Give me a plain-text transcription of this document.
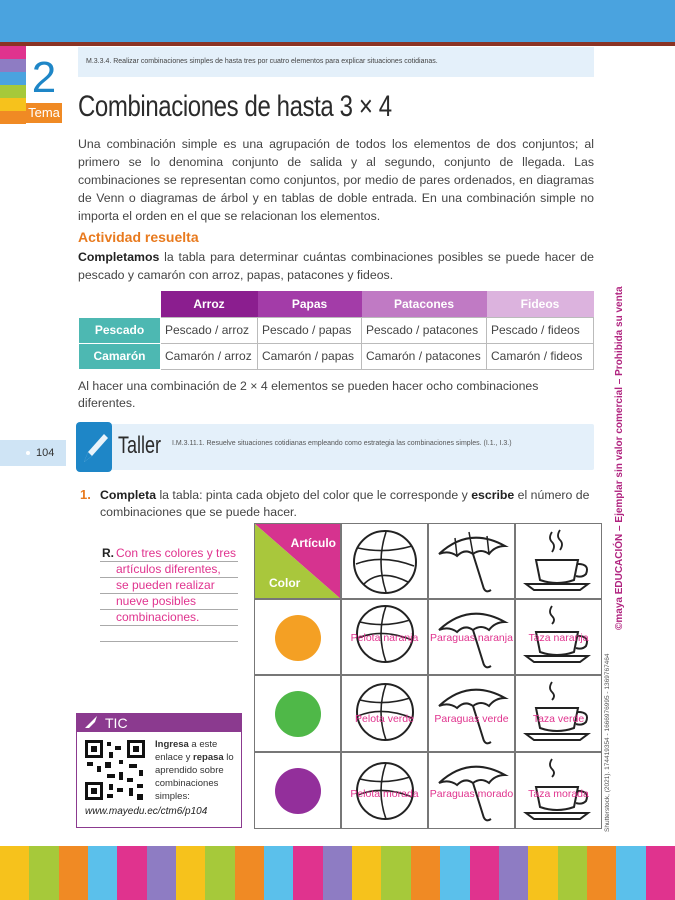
2
Tema
M.3.3.4. Realizar combinaciones simples de hasta tres por cuatro elementos para explicar situaciones cotidianas.
Combinaciones de hasta 3 × 4

Una combinación simple es una agrupación de todos los elementos de dos conjuntos; al primero se lo denomina conjunto de salida y al segundo, conjunto de llegada. Las combinaciones se representan como conjuntos, por medio de pares ordenados, en diagramas de Venn o diagramas de árbol y en tablas de doble entrada. En una combinación simple no importa el orden en el que se relacionan los elementos.

Actividad resuelta

Completamos la tabla para determinar cuántas combinaciones posibles se puede hacer de pescado y camarón con arroz, papas, patacones y fideos.

	Arroz	Papas	Patacones	Fideos
Pescado	Pescado / arroz	Pescado / papas	Pescado / patacones	Pescado / fideos
Camarón	Camarón / arroz	Camarón / papas	Camarón / patacones	Camarón / fideos

Al hacer una combinación de 2 × 4 elementos se pueden hacer ocho combinaciones diferentes.

104	Taller I.M.3.11.1. Resuelve situaciones cotidianas empleando como estrategia las combinaciones simples. (I.1., I.3.)
1. Completa la tabla: pinta cada objeto del color que le corresponde y escribe el número de combinaciones que se puede hacer.

R. Con tres colores y tres
artículos diferentes,
se pueden realizar
nueve posibles
combinaciones.
TIC
Ingresa a este enlace y repasa lo aprendido sobre combinaciones simples:
www.mayedu.ec/ctm6/p104
Artículo
Color
Pelota naranja	Paraguas naranja	Taza naranja
Pelota verde	Paraguas verde	Taza verde
Pelota morada	Paraguas morado	Taza morada
©maya EDUCACIÓN – Ejemplar sin valor comercial – Prohibida su venta
Shutterstock, (2021). 174419354 - 1666976995 - 1369767464
